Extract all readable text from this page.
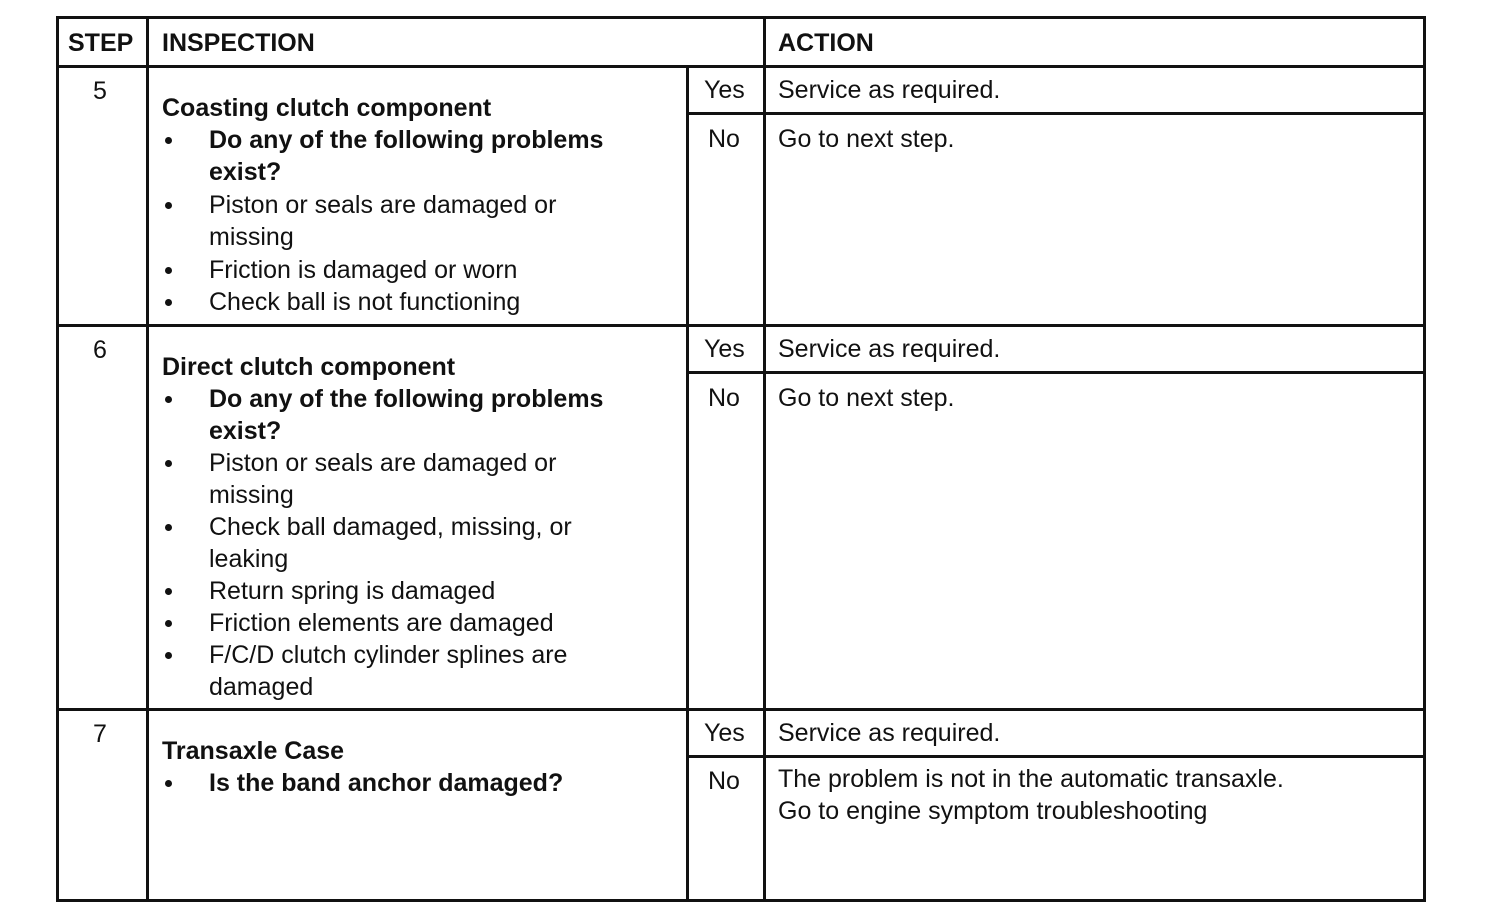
STEP INSPECTION	ACTION
5
Coasting clutch component
Do any of the following problems
exist?
Piston or seals are damaged or
missing
Friction is damaged or worn
Check ball is not functioning
Yes Service as required.
No Go to next step.
6
Direct clutch component
Do any of the following problems
exist?
Piston or seals are damaged or
missing
Check ball damaged, missing, or
leaking
Return spring is damaged
Friction elements are damaged
F/C/D clutch cylinder splines are
damaged
Yes Service as required.
No Go to next step.
7
Transaxle Case
Is the band anchor damaged?
Yes Service as required.
No The problem is not in the automatic transaxle.
Go to engine symptom troubleshooting
